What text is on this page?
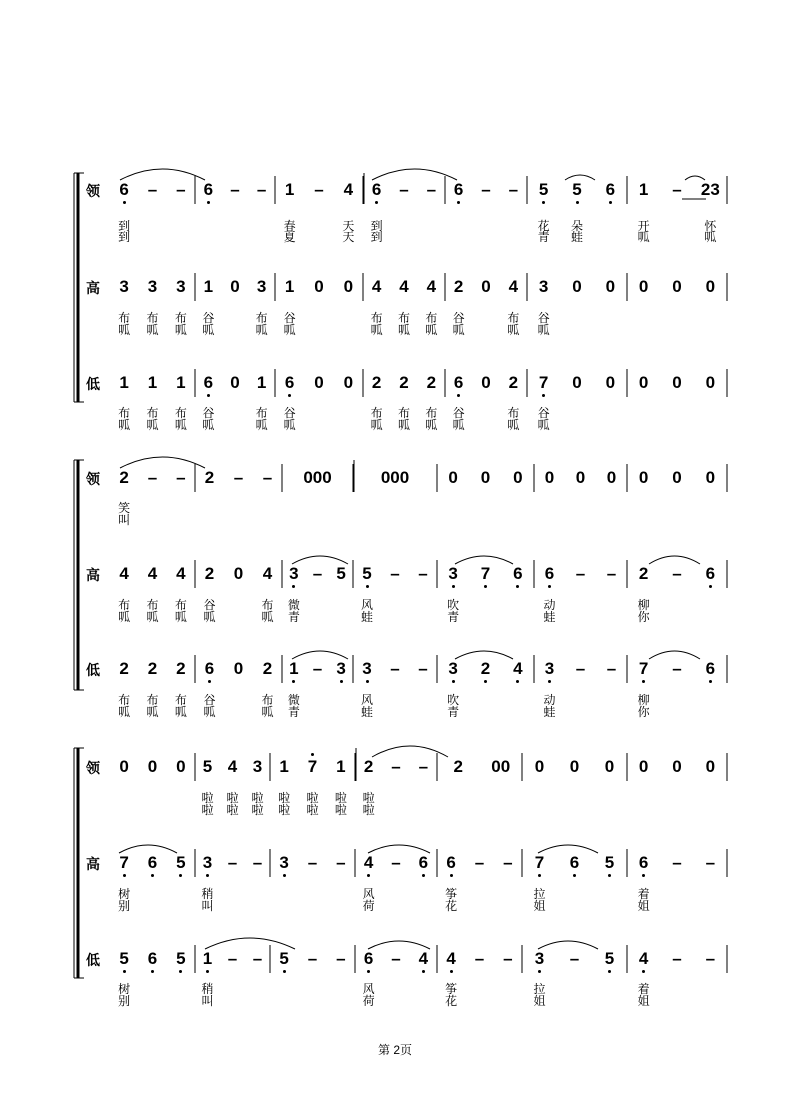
领 6
到
到
– – 6 – – 1
春
夏
– 4
天
天
6
到
到
– – 6 – – 5
花
青
5
朵
蛙
6 1
开
呱
– 23
怀
呱
高 3
布
呱
3
布
呱
3
布
呱
1
谷
呱
0 3
布
呱
1
谷
呱
0 0 4
布
呱
4
布
呱
4
布
呱
2
谷
呱
0 4
布
呱
3
谷
呱
0 0 0 0 0
低 1
布
呱
1
布
呱
1
布
呱
6
谷
呱
0 1
布
呱
6
谷
呱
0 0 2
布
呱
2
布
呱
2
布
呱
6
谷
呱
0 2
布
呱
7
谷
呱
0 0 0 0 0
领 2
笑
叫
– – 2 – – 000	000 0 0 0 0 0 0 0 0 0
高 4
布
呱
4
布
呱
4
布
呱
2
谷
呱
0 4
布
呱
3
微
青
– 5 5
风
蛙
– – 3
吹
青
7 6 6
动
蛙
– – 2
柳
你
– 6
低 2
布
呱
2
布
呱
2
布
呱
6
谷
呱
0 2
布
呱
1
微
青
– 3 3
风
蛙
– – 3
吹
青
2 4 3
动
蛙
– – 7
柳
你
– 6
领 0 0 0 5
啦
啦
4
啦
啦
3
啦
啦
1
啦
啦
7
啦
啦
1
啦
啦
2
啦
啦
– – 2 00 0 0 0 0 0 0
高 7
树
别
6 5 3
稍
叫
– – 3 – – 4
风
荷
– 6 6
筝
花
– – 7
拉
姐
6 5 6
着
姐
– –
低 5
树
别
6 5 1
稍
叫
– – 5 – – 6
风
荷
– 4 4
筝
花
– – 3
拉
姐
– 5 4
着
姐
– –
第 2页
